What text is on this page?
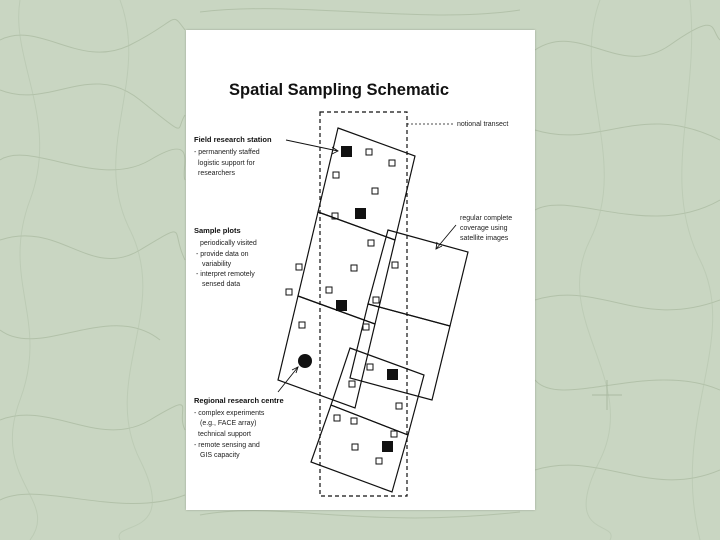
Spatial Sampling Schematic
notional transect
Field research station
- permanently staffed
logistic support for
researchers
Sample plots
periodically visited
- provide data on
variability
- interpret remotely
sensed data
regular complete
coverage using
satellite images
Regional research centre
- complex experiments
(e.g., FACE array)
technical support
- remote sensing and
GIS capacity
